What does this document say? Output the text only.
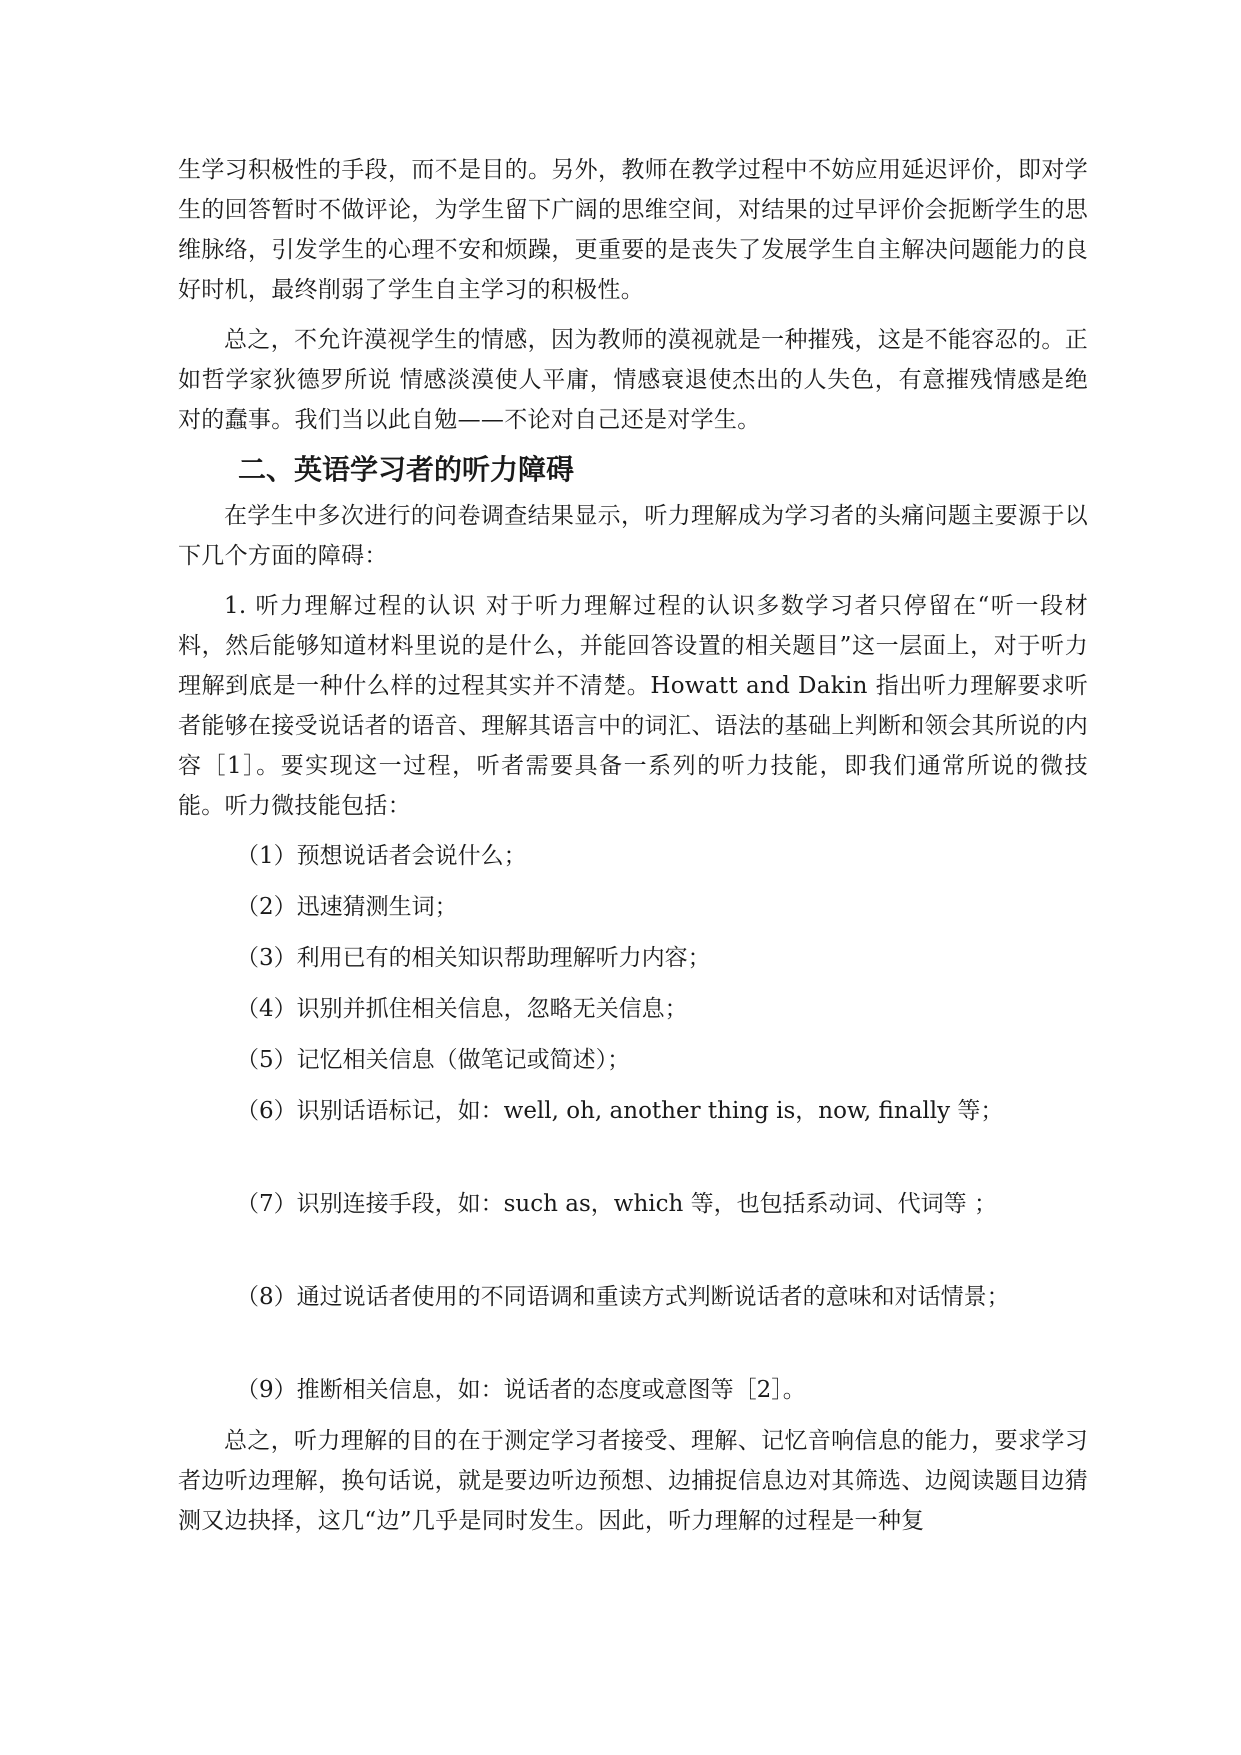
生学习积极性的手段，而不是目的。另外，教师在教学过程中不妨应用延迟评价，即对学生的回答暂时不做评论，为学生留下广阔的思维空间，对结果的过早评价会扼断学生的思维脉络，引发学生的心理不安和烦躁，更重要的是丧失了发展学生自主解决问题能力的良好时机，最终削弱了学生自主学习的积极性。

总之，不允许漠视学生的情感，因为教师的漠视就是一种摧残，这是不能容忍的。正如哲学家狄德罗所说 情感淡漠使人平庸，情感衰退使杰出的人失色，有意摧残情感是绝对的蠢事。我们当以此自勉——不论对自己还是对学生。

二、英语学习者的听力障碍

在学生中多次进行的问卷调查结果显示，听力理解成为学习者的头痛问题主要源于以下几个方面的障碍：

1. 听力理解过程的认识 对于听力理解过程的认识多数学习者只停留在“听一段材料，然后能够知道材料里说的是什么，并能回答设置的相关题目”这一层面上，对于听力理解到底是一种什么样的过程其实并不清楚。Howatt and Dakin 指出听力理解要求听者能够在接受说话者的语音、理解其语言中的词汇、语法的基础上判断和领会其所说的内容［1］。要实现这一过程，听者需要具备一系列的听力技能，即我们通常所说的微技能。听力微技能包括：

（1）预想说话者会说什么；
（2）迅速猜测生词；
（3）利用已有的相关知识帮助理解听力内容；
（4）识别并抓住相关信息，忽略无关信息；
（5）记忆相关信息（做笔记或简述）；
（6）识别话语标记，如：well, oh, another thing is，now, finally 等；
（7）识别连接手段，如：such as，which 等，也包括系动词、代词等 ；
（8）通过说话者使用的不同语调和重读方式判断说话者的意味和对话情景；
（9）推断相关信息，如：说话者的态度或意图等［2］。

总之，听力理解的目的在于测定学习者接受、理解、记忆音响信息的能力，要求学习者边听边理解，换句话说，就是要边听边预想、边捕捉信息边对其筛选、边阅读题目边猜测又边抉择，这几“边”几乎是同时发生。因此，听力理解的过程是一种复
